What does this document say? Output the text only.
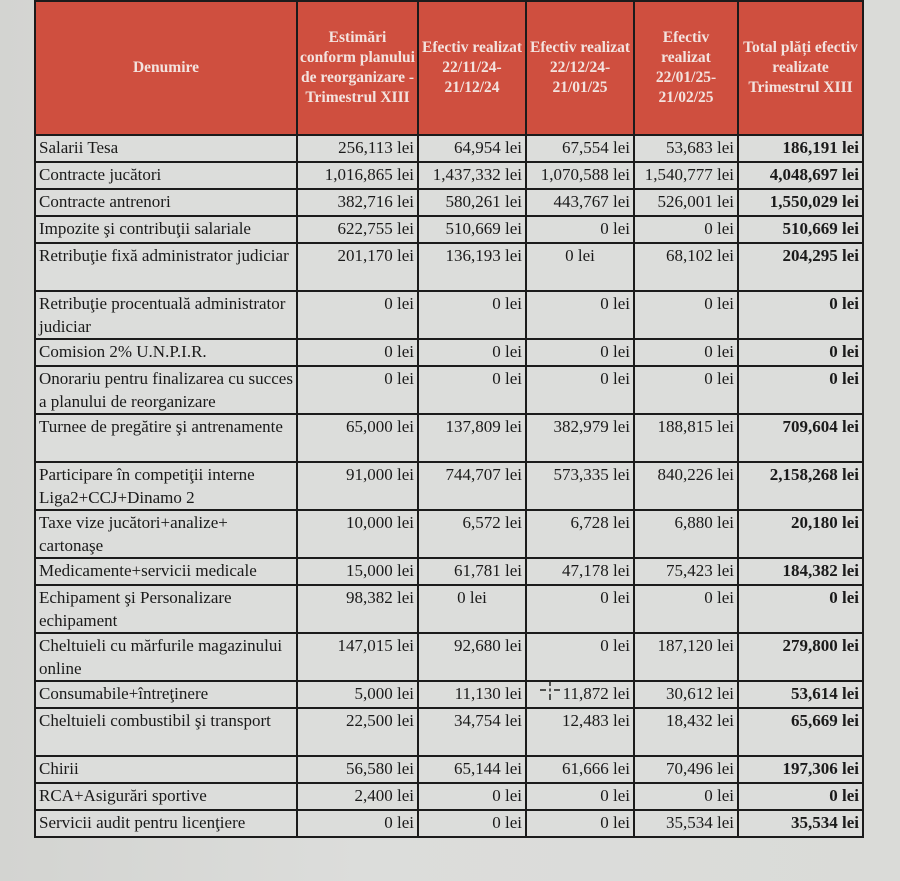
Denumire	Estimări conform planului de reorganizare - Trimestrul XIII	Efectiv realizat 22/11/24-21/12/24	Efectiv realizat 22/12/24-21/01/25	Efectiv realizat 22/01/25-21/02/25	Total plăți efectiv realizate Trimestrul XIII
Salarii Tesa	256,113 lei	64,954 lei	67,554 lei	53,683 lei	186,191 lei
Contracte jucători	1,016,865 lei	1,437,332 lei	1,070,588 lei	1,540,777 lei	4,048,697 lei
Contracte antrenori	382,716 lei	580,261 lei	443,767 lei	526,001 lei	1,550,029 lei
Impozite şi contribuţii salariale	622,755 lei	510,669 lei	0 lei	0 lei	510,669 lei
Retribuţie fixă administrator judiciar	201,170 lei	136,193 lei	0 lei	68,102 lei	204,295 lei
Retribuţie procentuală administrator judiciar	0 lei	0 lei	0 lei	0 lei	0 lei
Comision 2% U.N.P.I.R.	0 lei	0 lei	0 lei	0 lei	0 lei
Onorariu pentru finalizarea cu succes a planului de reorganizare	0 lei	0 lei	0 lei	0 lei	0 lei
Turnee de pregătire şi antrenamente	65,000 lei	137,809 lei	382,979 lei	188,815 lei	709,604 lei
Participare în competiţii interne Liga2+CCJ+Dinamo 2	91,000 lei	744,707 lei	573,335 lei	840,226 lei	2,158,268 lei
Taxe vize jucători+analize+ cartonaşe	10,000 lei	6,572 lei	6,728 lei	6,880 lei	20,180 lei
Medicamente+servicii medicale	15,000 lei	61,781 lei	47,178 lei	75,423 lei	184,382 lei
Echipament şi Personalizare echipament	98,382 lei	0 lei	0 lei	0 lei	0 lei
Cheltuieli cu mărfurile magazinului online	147,015 lei	92,680 lei	0 lei	187,120 lei	279,800 lei
Consumabile+întreţinere	5,000 lei	11,130 lei	11,872 lei	30,612 lei	53,614 lei
Cheltuieli combustibil şi transport	22,500 lei	34,754 lei	12,483 lei	18,432 lei	65,669 lei
Chirii	56,580 lei	65,144 lei	61,666 lei	70,496 lei	197,306 lei
RCA+Asigurări sportive	2,400 lei	0 lei	0 lei	0 lei	0 lei
Servicii audit pentru licenţiere	0 lei	0 lei	0 lei	35,534 lei	35,534 lei
